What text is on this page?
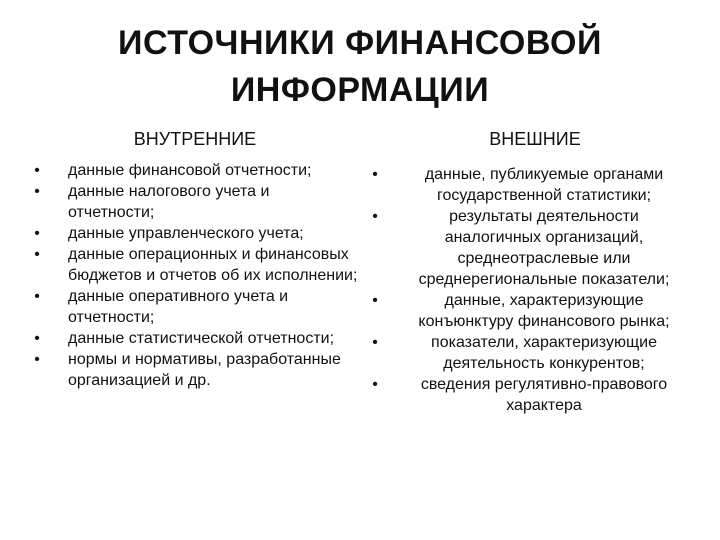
ИСТОЧНИКИ ФИНАНСОВОЙ
ИНФОРМАЦИИ
ВНУТРЕННИЕ	ВНЕШНИЕ
• данные финансовой отчетности;
• данные налогового учета и отчетности;
• данные управленческого учета;
• данные операционных и финансовых бюджетов и отчетов об их исполнении;
• данные оперативного учета и отчетности;
• данные статистической отчетности;
• нормы и нормативы, разработанные организацией и др.
•	данные, публикуемые органами государственной статистики;
•	результаты деятельности аналогичных организаций, среднеотраслевые или среднерегиональные показатели;
•	данные, характеризующие конъюнктуру финансового рынка;
•	показатели, характеризующие деятельность конкурентов;
•	сведения регулятивно-правового характера
